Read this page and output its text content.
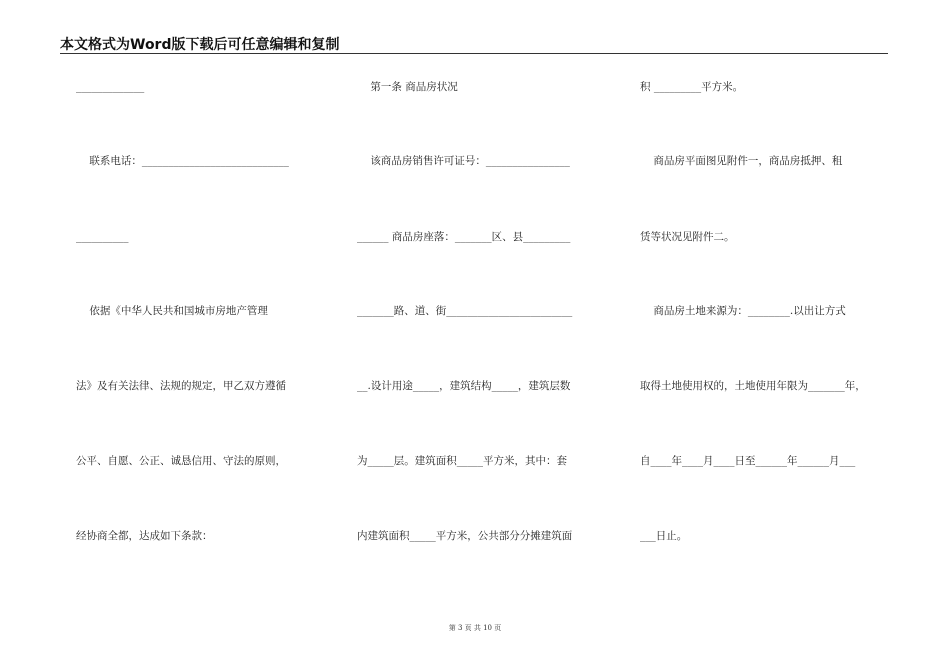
本文格式为Word版下载后可任意编辑和复制
_____________
联系电话：____________________________
__________
依据《中华人民共和国城市房地产管理
法》及有关法律、法规的规定，甲乙双方遵循
公平、自愿、公正、诚恳信用、守法的原则，
经协商全都，达成如下条款：
第一条 商品房状况
该商品房销售许可证号：________________
______ 商品房座落：_______区、县_________
_______路、道、街________________________
__.设计用途_____，建筑结构_____，建筑层数
为_____层。建筑面积_____平方米，其中：套
内建筑面积_____平方米，公共部分分摊建筑面
积 _________平方米。
商品房平面图见附件一，商品房抵押、租
赁等状况见附件二。
商品房土地来源为：________.以出让方式
取得土地使用权的，土地使用年限为_______年，
自____年____月____日至______年______月___
___日止。
第 3 页 共 10 页
